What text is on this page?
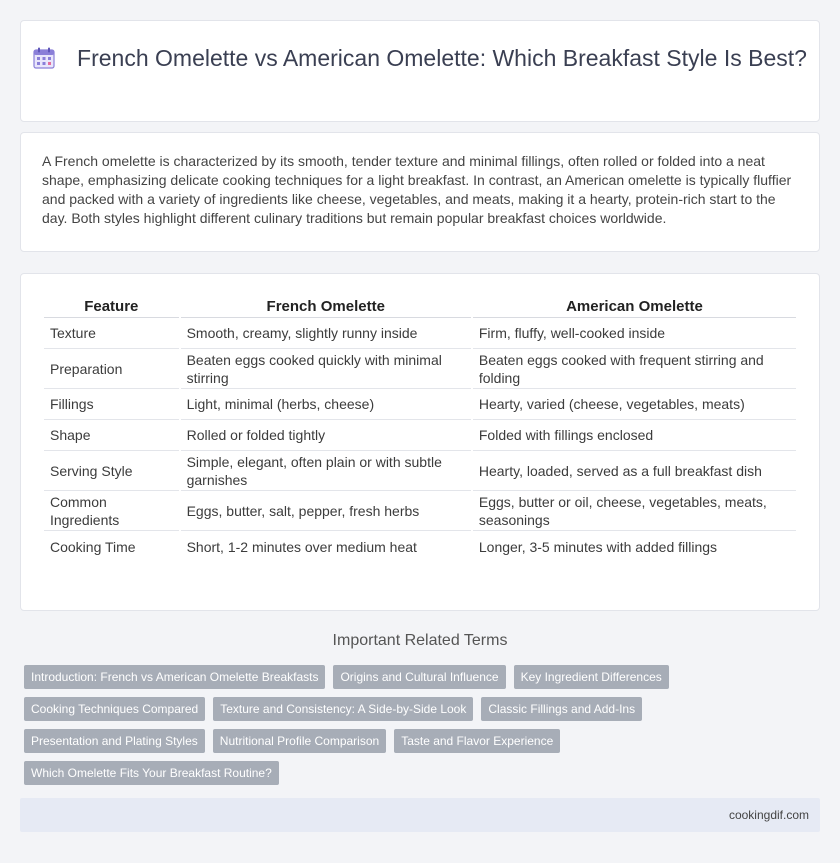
French Omelette vs American Omelette: Which Breakfast Style Is Best?

A French omelette is characterized by its smooth, tender texture and minimal fillings, often rolled or folded into a neat shape, emphasizing delicate cooking techniques for a light breakfast. In contrast, an American omelette is typically fluffier and packed with a variety of ingredients like cheese, vegetables, and meats, making it a hearty, protein-rich start to the day. Both styles highlight different culinary traditions but remain popular breakfast choices worldwide.

Feature	French Omelette	American Omelette
Texture	Smooth, creamy, slightly runny inside	Firm, fluffy, well-cooked inside
Preparation	Beaten eggs cooked quickly with minimal stirring	Beaten eggs cooked with frequent stirring and folding
Fillings	Light, minimal (herbs, cheese)	Hearty, varied (cheese, vegetables, meats)
Shape	Rolled or folded tightly	Folded with fillings enclosed
Serving Style	Simple, elegant, often plain or with subtle garnishes	Hearty, loaded, served as a full breakfast dish
Common Ingredients	Eggs, butter, salt, pepper, fresh herbs	Eggs, butter or oil, cheese, vegetables, meats, seasonings
Cooking Time	Short, 1-2 minutes over medium heat	Longer, 3-5 minutes with added fillings
Important Related Terms
Introduction: French vs American Omelette Breakfasts	Origins and Cultural Influence	Key Ingredient Differences
Cooking Techniques Compared	Texture and Consistency: A Side-by-Side Look	Classic Fillings and Add-Ins
Presentation and Plating Styles	Nutritional Profile Comparison	Taste and Flavor Experience
Which Omelette Fits Your Breakfast Routine?
cookingdif.com
